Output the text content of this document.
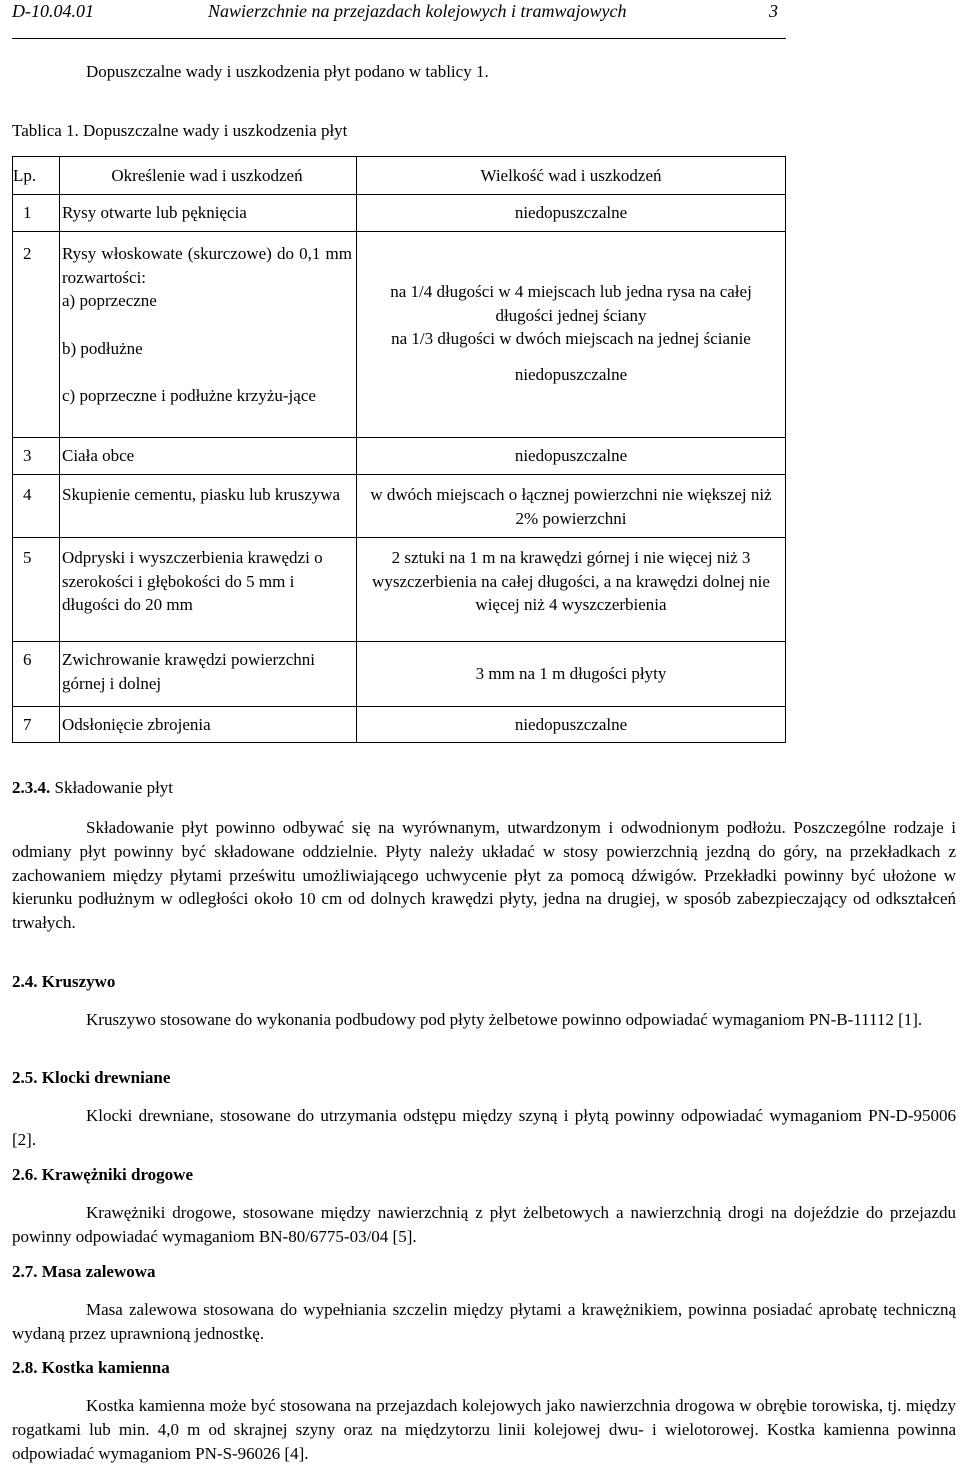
D-10.04.01	Nawierzchnie na przejazdach kolejowych i tramwajowych	3
Dopuszczalne wady i uszkodzenia płyt podano w tablicy 1.
Tablica 1. Dopuszczalne wady i uszkodzenia płyt
Lp.	Określenie wad i uszkodzeń	Wielkość wad i uszkodzeń
1	Rysy otwarte lub pęknięcia	niedopuszczalne
2	Rysy włoskowate (skurczowe) do 0,1 mm rozwartości:
a) poprzeczne
b) podłużne
c) poprzeczne i podłużne krzyżu-jące	na 1/4 długości w 4 miejscach lub jedna rysa na całej długości jednej ściany
na 1/3 długości w dwóch miejscach na jednej ścianie
niedopuszczalne

3	Ciała obce	niedopuszczalne
4	Skupienie cementu, piasku lub kruszywa	w dwóch miejscach o łącznej powierzchni nie większej niż 2% powierzchni
5	Odpryski i wyszczerbienia krawędzi o szerokości i głębokości do 5 mm i długości do 20 mm	2 sztuki na 1 m na krawędzi górnej i nie więcej niż 3 wyszczerbienia na całej długości, a na krawędzi dolnej nie więcej niż 4 wyszczerbienia
6	Zwichrowanie krawędzi powierzchni górnej i dolnej	3 mm na 1 m długości płyty
7	Odsłonięcie zbrojenia	niedopuszczalne
2.3.4. Składowanie płyt
Składowanie płyt powinno odbywać się na wyrównanym, utwardzonym i odwodnionym podłożu. Poszczególne rodzaje i odmiany płyt powinny być składowane oddzielnie. Płyty należy układać w stosy powierzchnią jezdną do góry, na przekładkach z zachowaniem między płytami prześwitu umożliwiającego uchwycenie płyt za pomocą dźwigów. Przekładki powinny być ułożone w kierunku podłużnym w odległości około 10 cm od dolnych krawędzi płyty, jedna na drugiej, w sposób zabezpieczający od odkształceń trwałych.
2.4. Kruszywo
Kruszywo stosowane do wykonania podbudowy pod płyty żelbetowe powinno odpowiadać wymaganiom PN-B-11112 [1].
2.5. Klocki drewniane
Klocki drewniane, stosowane do utrzymania odstępu między szyną i płytą powinny odpowiadać wymaganiom PN-D-95006 [2].
2.6. Krawężniki drogowe
Krawężniki drogowe, stosowane między nawierzchnią z płyt żelbetowych a nawierzchnią drogi na dojeździe do przejazdu powinny odpowiadać wymaganiom BN-80/6775-03/04 [5].
2.7. Masa zalewowa
Masa zalewowa stosowana do wypełniania szczelin między płytami a krawężnikiem, powinna posiadać aprobatę techniczną wydaną przez uprawnioną jednostkę.
2.8. Kostka kamienna
Kostka kamienna może być stosowana na przejazdach kolejowych jako nawierzchnia drogowa w obrębie torowiska, tj. między rogatkami lub min. 4,0 m od skrajnej szyny oraz na międzytorzu linii kolejowej dwu- i wielotorowej. Kostka kamienna powinna odpowiadać wymaganiom PN-S-96026 [4].
